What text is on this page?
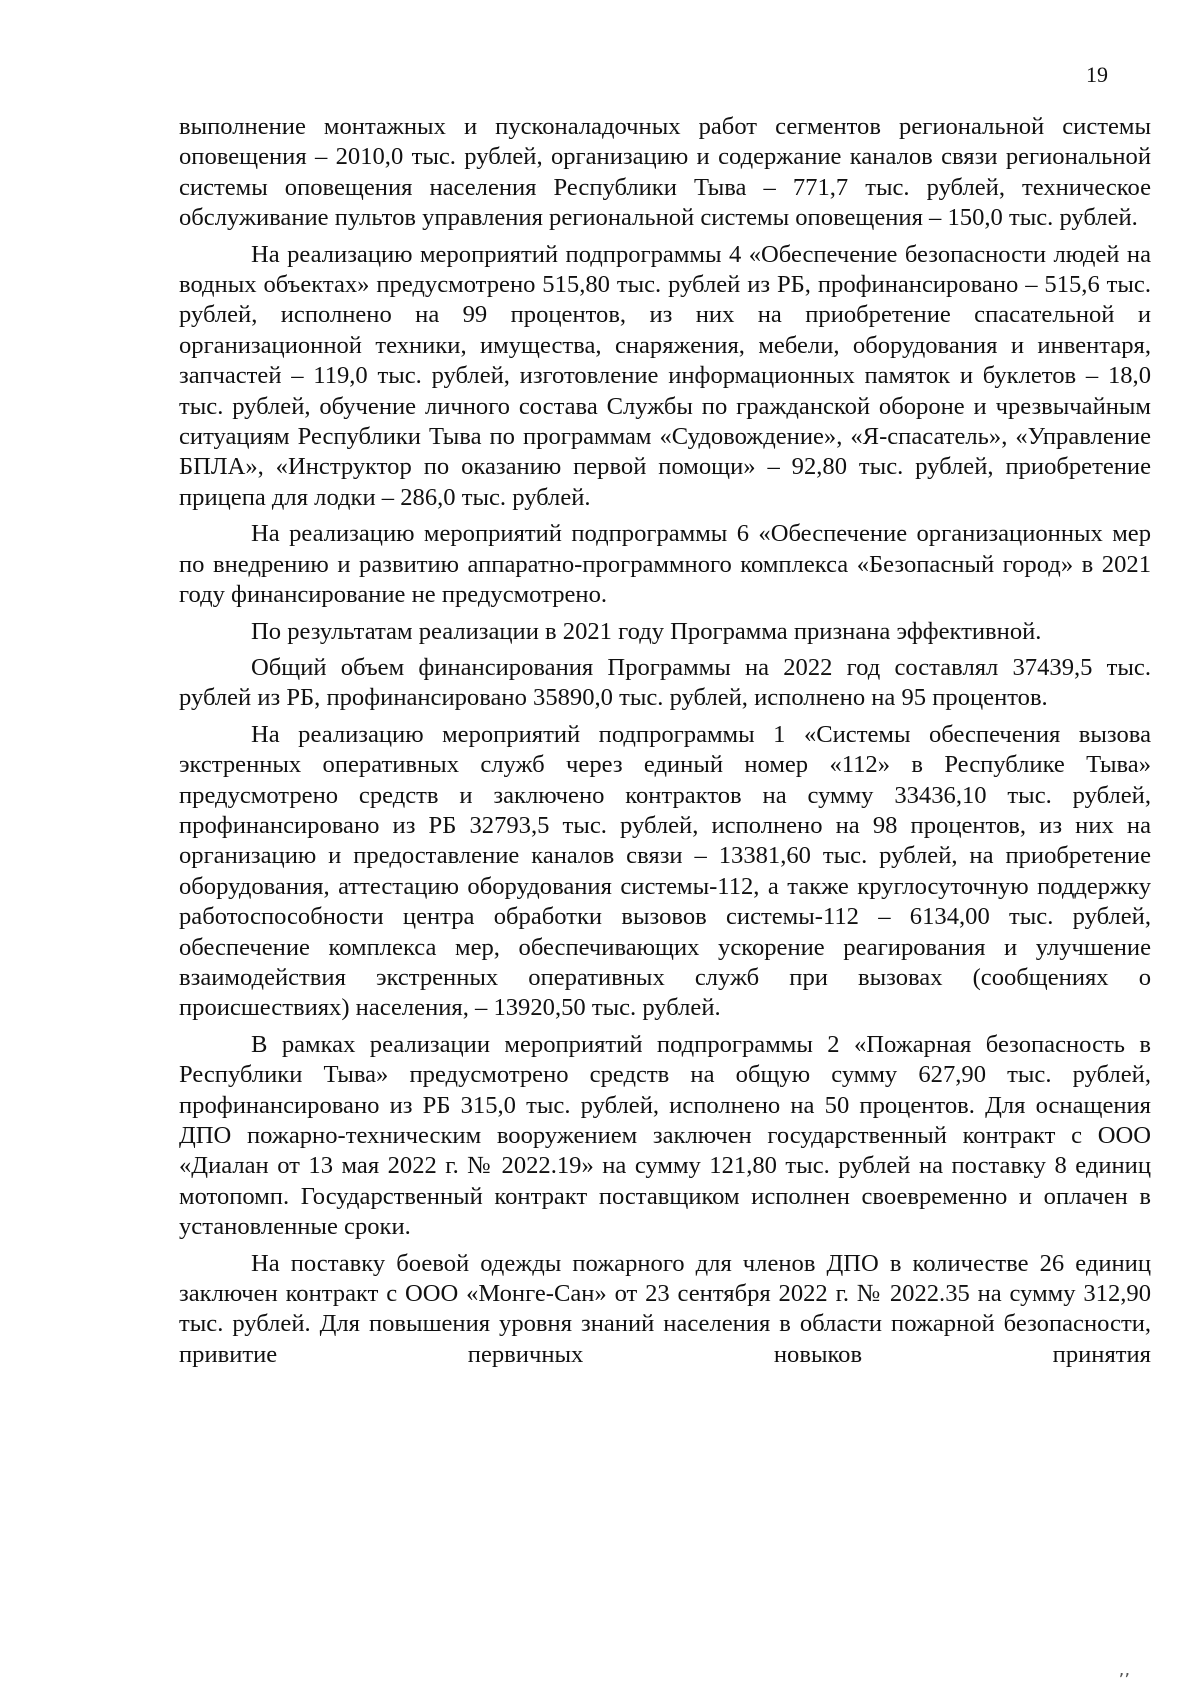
19

выполнение монтажных и пусконаладочных работ сегментов региональной системы оповещения – 2010,0 тыс. рублей, организацию и содержание каналов связи региональной системы оповещения населения Республики Тыва – 771,7 тыс. рублей, техническое обслуживание пультов управления региональной системы оповещения – 150,0 тыс. рублей.

На реализацию мероприятий подпрограммы 4 «Обеспечение безопасности людей на водных объектах» предусмотрено 515,80 тыс. рублей из РБ, профинансировано – 515,6 тыс. рублей, исполнено на 99 процентов, из них на приобретение спасательной и организационной техники, имущества, снаряжения, мебели, оборудования и инвентаря, запчастей – 119,0 тыс. рублей, изготовление информационных памяток и буклетов – 18,0 тыс. рублей, обучение личного состава Службы по гражданской обороне и чрезвычайным ситуациям Республики Тыва по программам «Судовождение», «Я-спасатель», «Управление БПЛА», «Инструктор по оказанию первой помощи» – 92,80 тыс. рублей, приобретение прицепа для лодки – 286,0 тыс. рублей.

На реализацию мероприятий подпрограммы 6 «Обеспечение организационных мер по внедрению и развитию аппаратно-программного комплекса «Безопасный город» в 2021 году финансирование не предусмотрено.

По результатам реализации в 2021 году Программа признана эффективной.

Общий объем финансирования Программы на 2022 год составлял 37439,5 тыс. рублей из РБ, профинансировано 35890,0 тыс. рублей, исполнено на 95 процентов.

На реализацию мероприятий подпрограммы 1 «Системы обеспечения вызова экстренных оперативных служб через единый номер «112» в Республике Тыва» предусмотрено средств и заключено контрактов на сумму 33436,10 тыс. рублей, профинансировано из РБ 32793,5 тыс. рублей, исполнено на 98 процентов, из них на организацию и предоставление каналов связи – 13381,60 тыс. рублей, на приобретение оборудования, аттестацию оборудования системы-112, а также круглосуточную поддержку работоспособности центра обработки вызовов системы-112 – 6134,00 тыс. рублей, обеспечение комплекса мер, обеспечивающих ускорение реагирования и улучшение взаимодействия экстренных оперативных служб при вызовах (сообщениях о происшествиях) населения, – 13920,50 тыс. рублей.

В рамках реализации мероприятий подпрограммы 2 «Пожарная безопасность в Республики Тыва» предусмотрено средств на общую сумму 627,90 тыс. рублей, профинансировано из РБ 315,0 тыс. рублей, исполнено на 50 процентов. Для оснащения ДПО пожарно-техническим вооружением заключен государственный контракт с ООО «Диалан от 13 мая 2022 г. № 2022.19» на сумму 121,80 тыс. рублей на поставку 8 единиц мотопомп. Государственный контракт поставщиком исполнен своевременно и оплачен в установленные сроки.

На поставку боевой одежды пожарного для членов ДПО в количестве 26 единиц заключен контракт с ООО «Монге-Сан» от 23 сентября 2022 г. № 2022.35 на сумму 312,90 тыс. рублей. Для повышения уровня знаний населения в области пожарной безопасности, привитие первичных новыков принятия

’’
